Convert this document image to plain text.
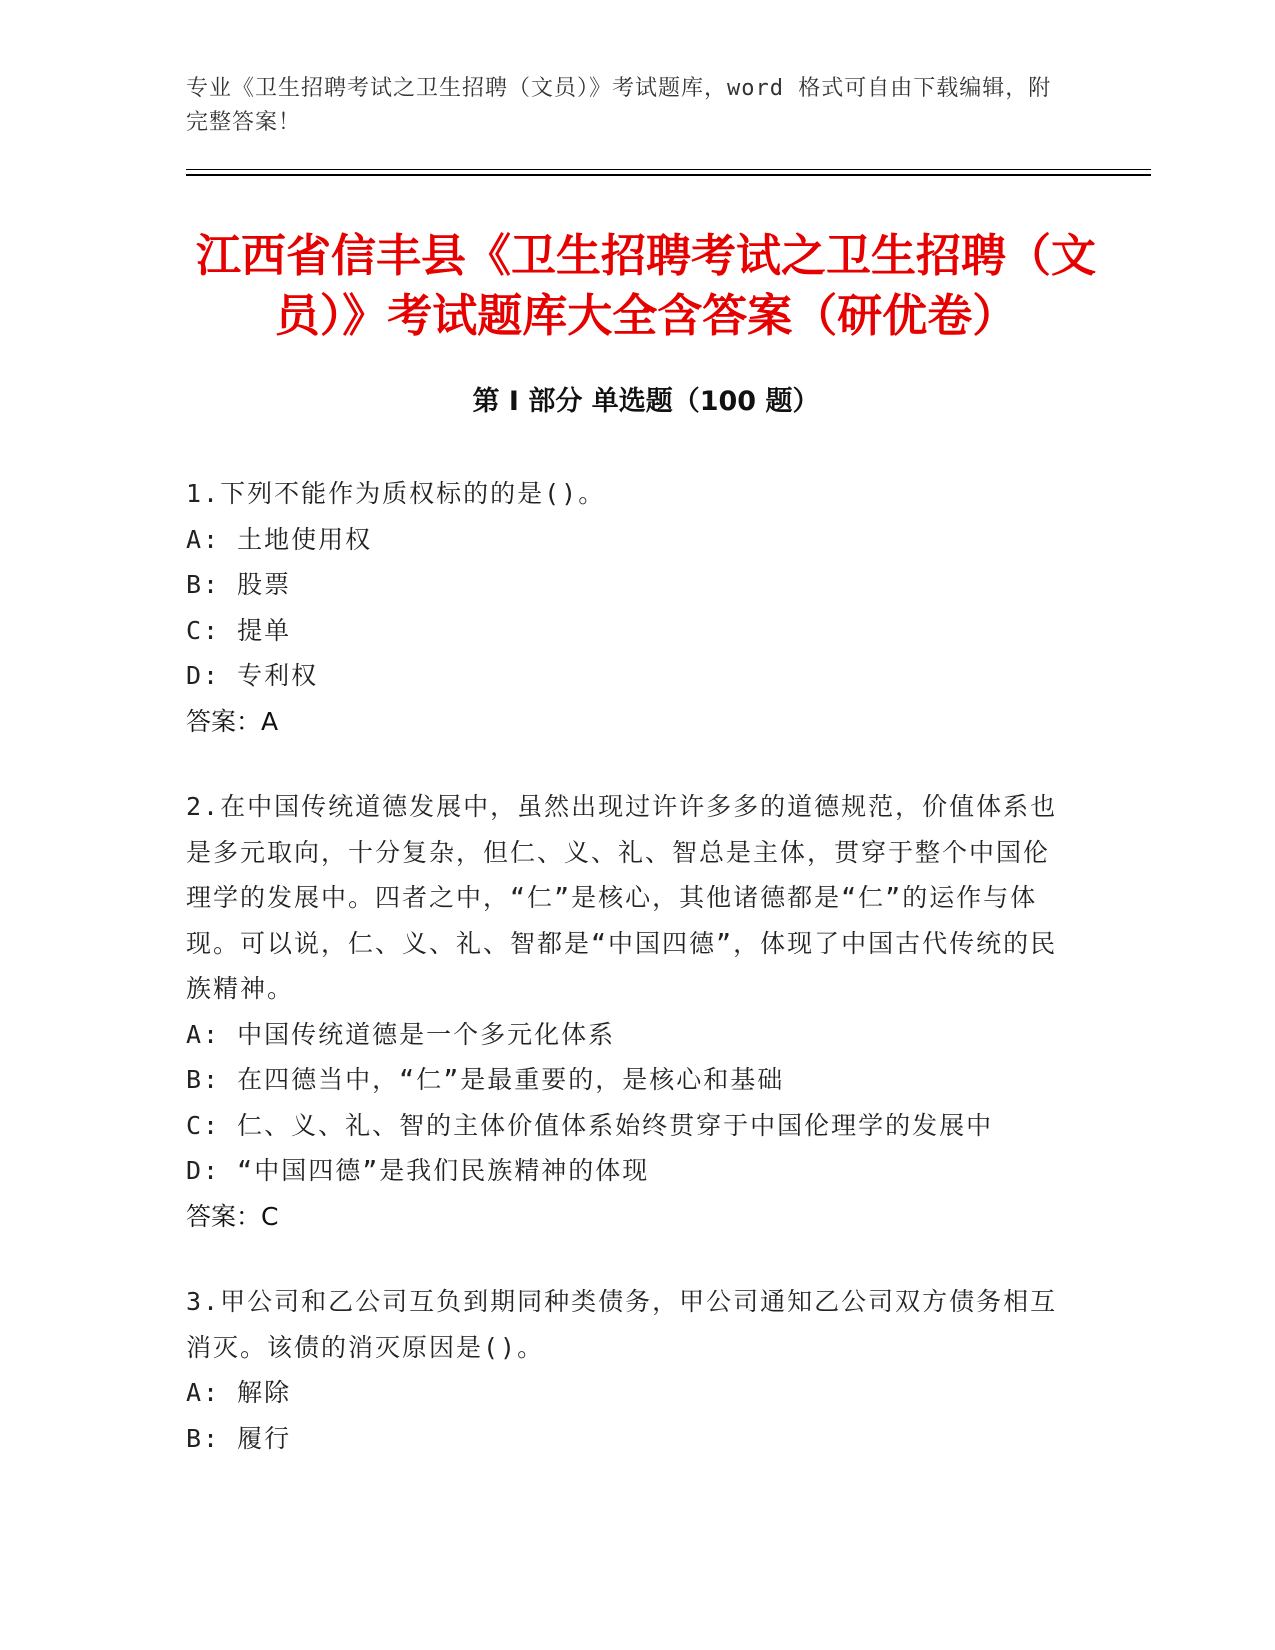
专业《卫生招聘考试之卫生招聘（文员）》考试题库，word 格式可自由下载编辑，附完整答案！
江西省信丰县《卫生招聘考试之卫生招聘（文员）》考试题库大全含答案（研优卷）
第 I 部分 单选题（100 题）
1.下列不能作为质权标的的是()。
A: 土地使用权
B: 股票
C: 提单
D: 专利权
答案：A
2.在中国传统道德发展中，虽然出现过许许多多的道德规范，价值体系也是多元取向，十分复杂，但仁、义、礼、智总是主体，贯穿于整个中国伦理学的发展中。四者之中，“仁”是核心，其他诸德都是“仁”的运作与体现。可以说，仁、义、礼、智都是“中国四德”，体现了中国古代传统的民族精神。
A: 中国传统道德是一个多元化体系
B: 在四德当中，“仁”是最重要的，是核心和基础
C: 仁、义、礼、智的主体价值体系始终贯穿于中国伦理学的发展中
D: “中国四德”是我们民族精神的体现
答案：C
3.甲公司和乙公司互负到期同种类债务，甲公司通知乙公司双方债务相互消灭。该债的消灭原因是()。
A: 解除
B: 履行
